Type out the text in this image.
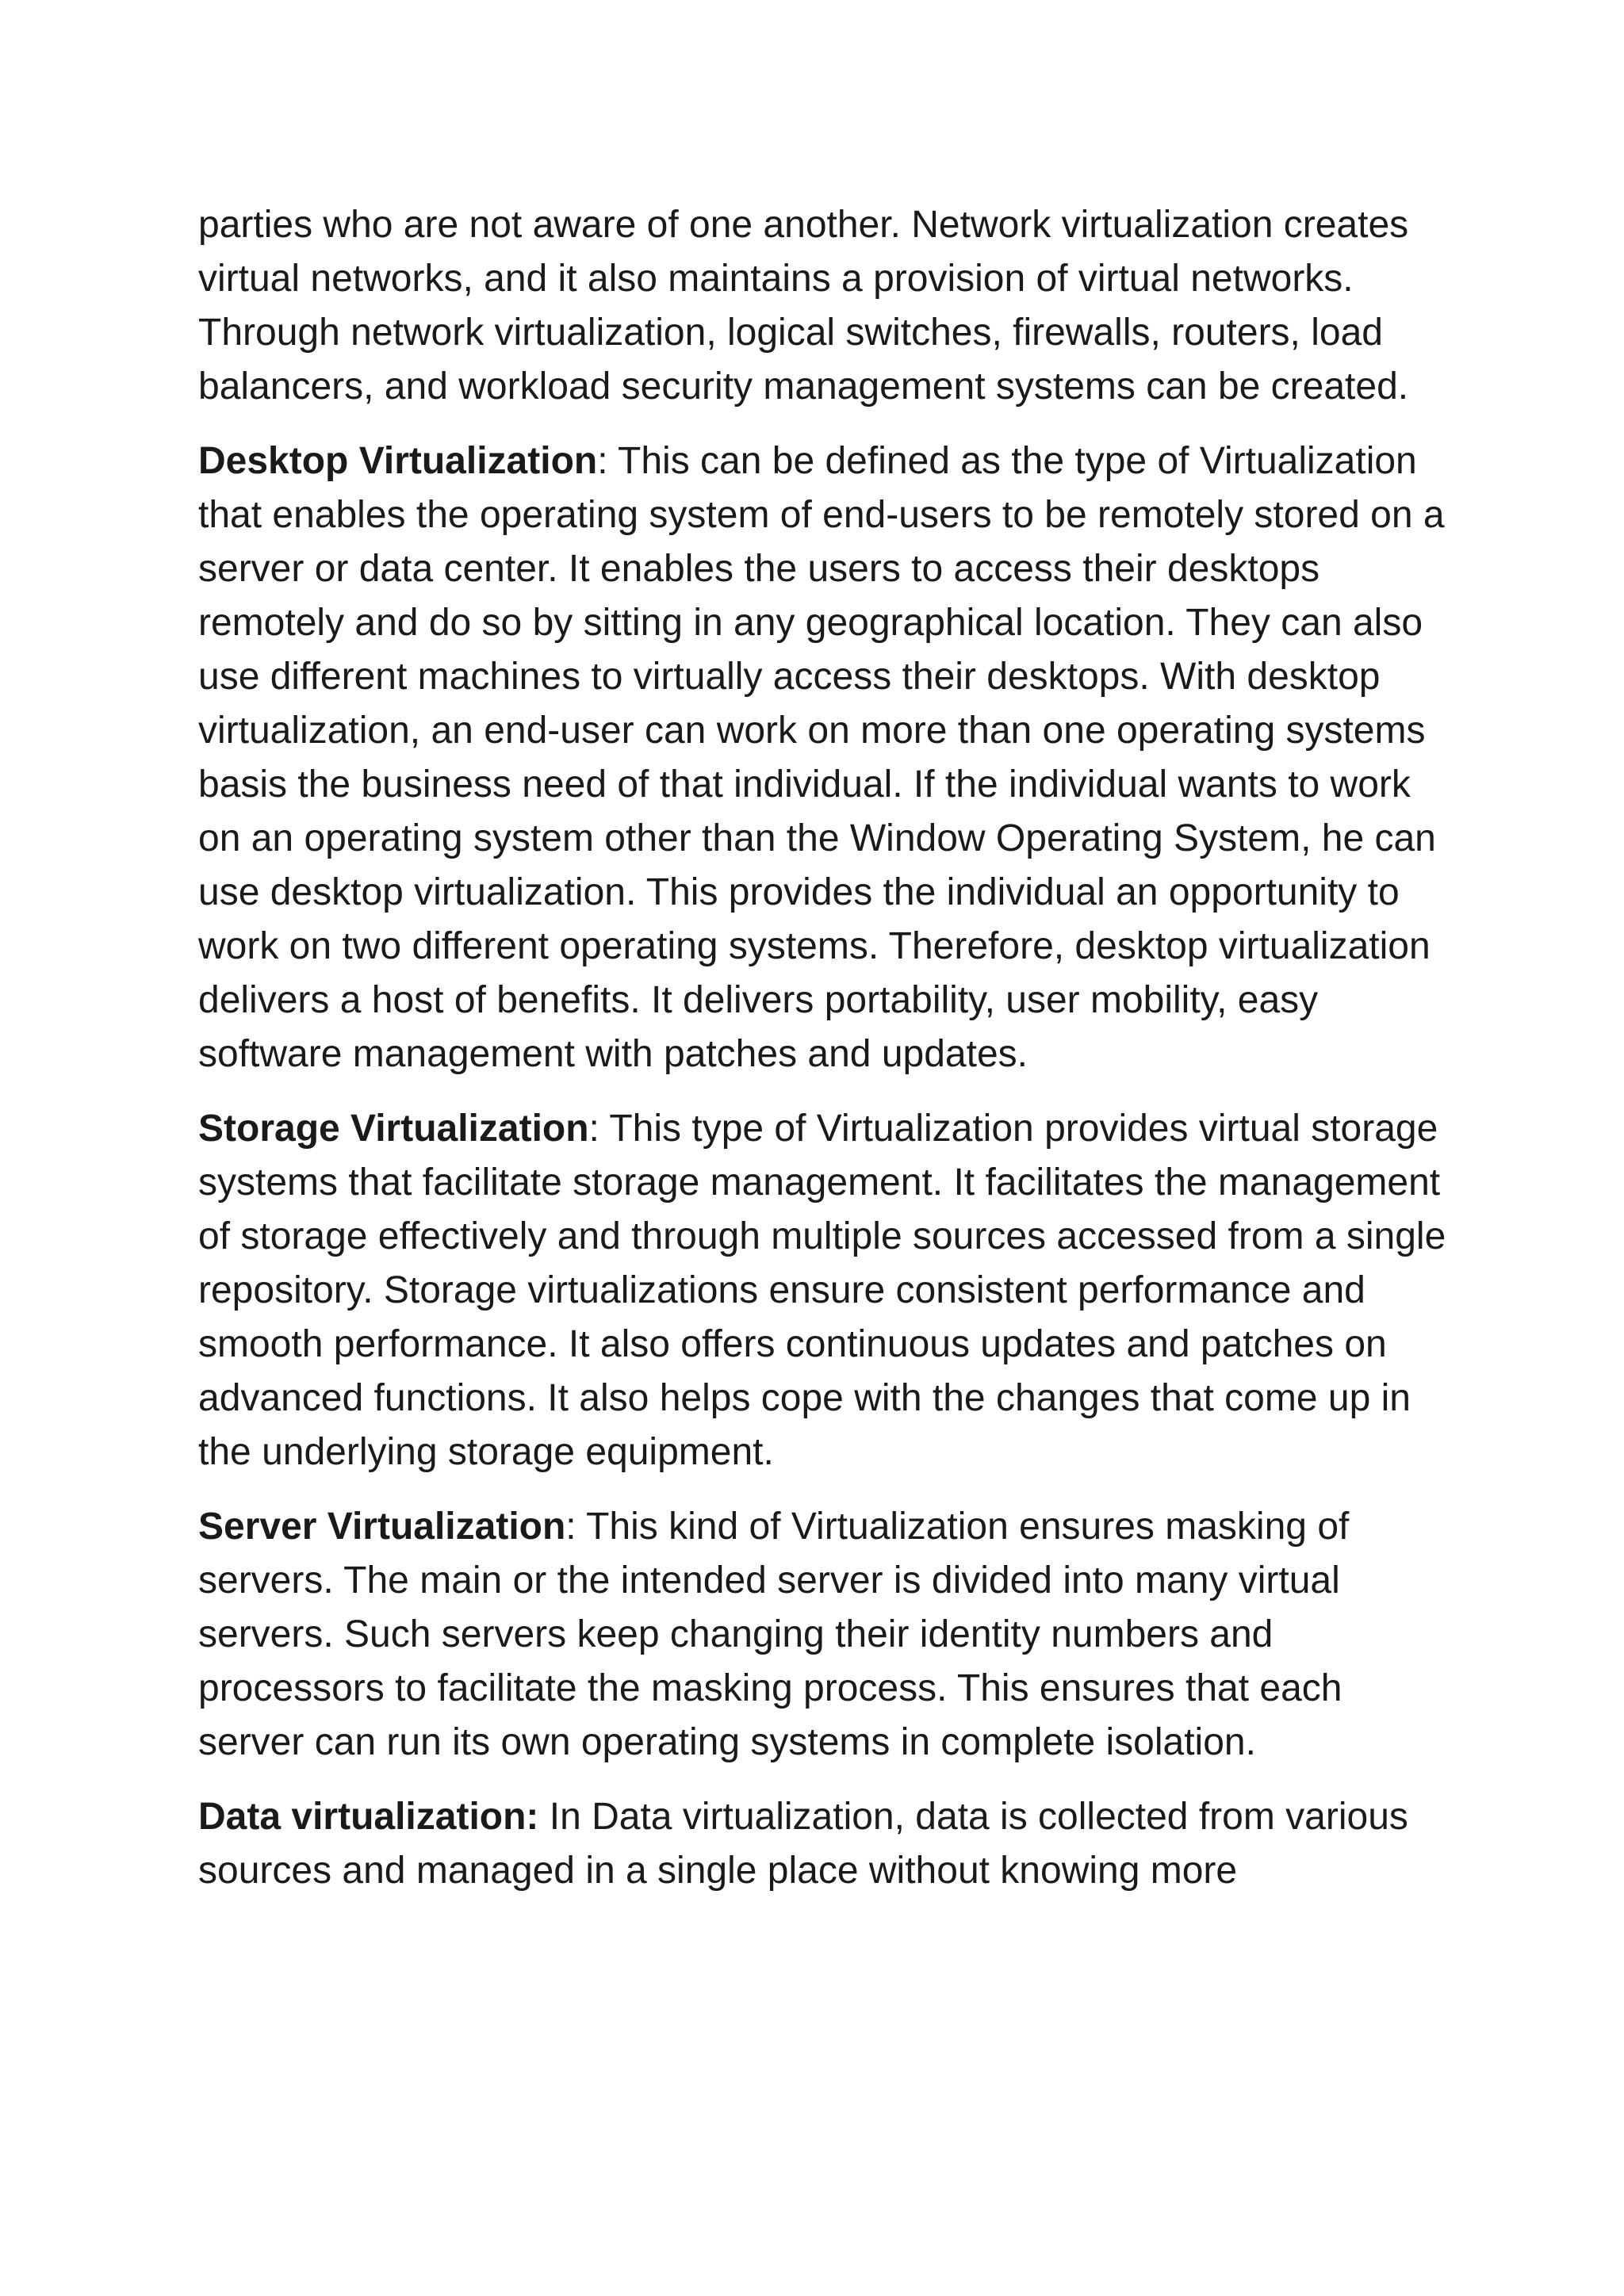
parties who are not aware of one another. Network virtualization creates virtual networks, and it also maintains a provision of virtual networks. Through network virtualization, logical switches, firewalls, routers, load balancers, and workload security management systems can be created.

Desktop Virtualization: This can be defined as the type of Virtualization that enables the operating system of end-users to be remotely stored on a server or data center. It enables the users to access their desktops remotely and do so by sitting in any geographical location. They can also use different machines to virtually access their desktops. With desktop virtualization, an end-user can work on more than one operating systems basis the business need of that individual. If the individual wants to work on an operating system other than the Window Operating System, he can use desktop virtualization. This provides the individual an opportunity to work on two different operating systems. Therefore, desktop virtualization delivers a host of benefits. It delivers portability, user mobility, easy software management with patches and updates.

Storage Virtualization: This type of Virtualization provides virtual storage systems that facilitate storage management. It facilitates the management of storage effectively and through multiple sources accessed from a single repository. Storage virtualizations ensure consistent performance and smooth performance. It also offers continuous updates and patches on advanced functions. It also helps cope with the changes that come up in the underlying storage equipment.

Server Virtualization: This kind of Virtualization ensures masking of servers. The main or the intended server is divided into many virtual servers. Such servers keep changing their identity numbers and processors to facilitate the masking process. This ensures that each server can run its own operating systems in complete isolation.

Data virtualization: In Data virtualization, data is collected from various sources and managed in a single place without knowing more
